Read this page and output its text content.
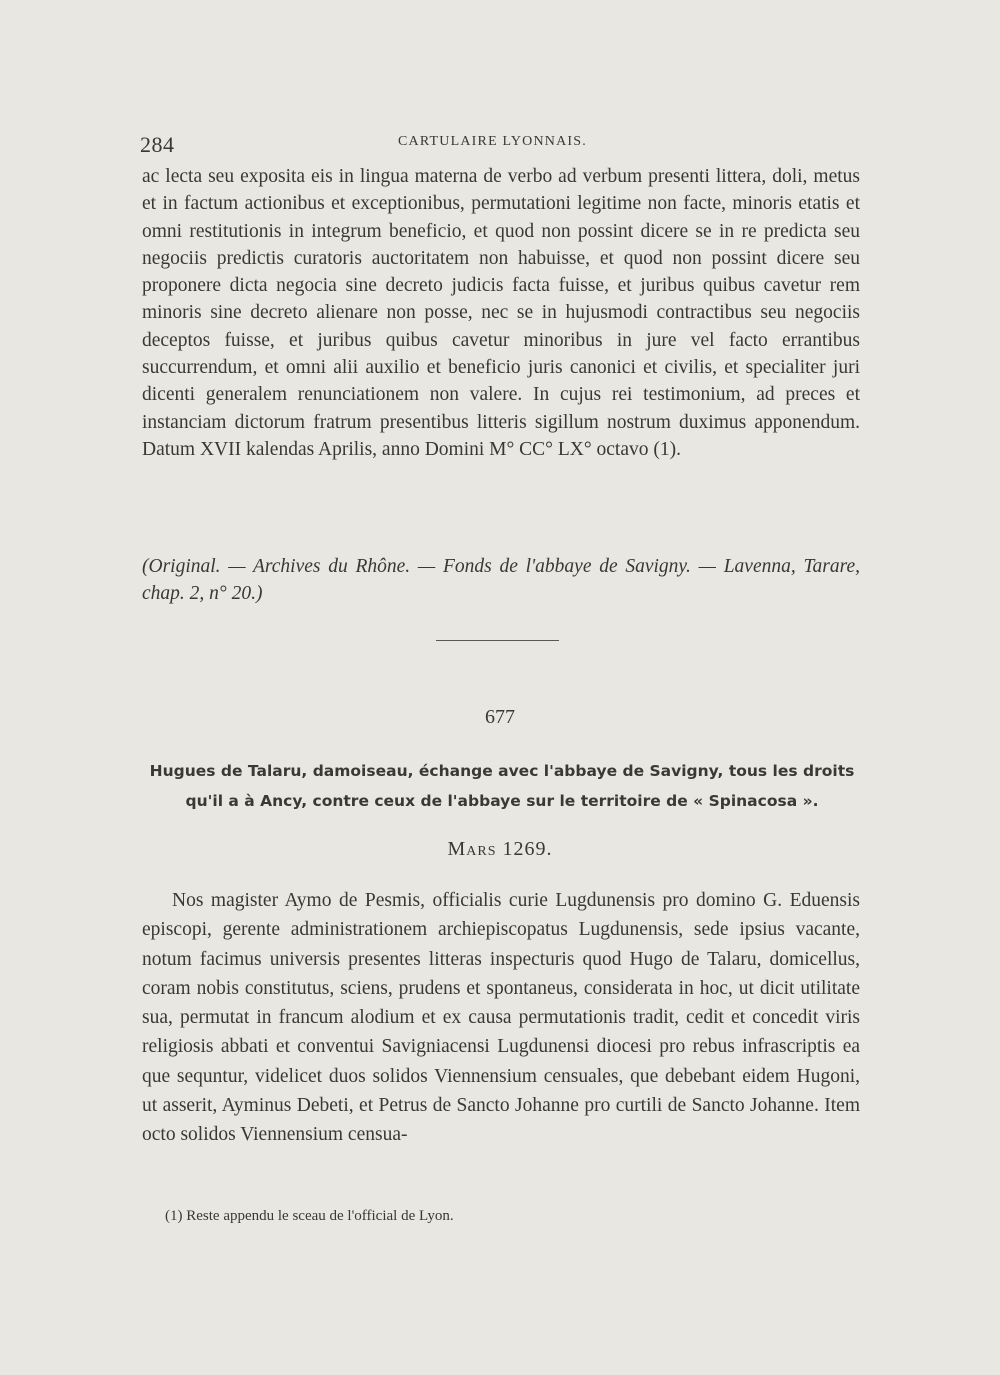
284	CARTULAIRE LYONNAIS.

ac lecta seu exposita eis in lingua materna de verbo ad verbum presenti littera, doli, metus et in factum actionibus et exceptionibus, permutationi legitime non facte, minoris etatis et omni restitutionis in integrum beneficio, et quod non possint dicere se in re predicta seu negociis predictis curatoris auctoritatem non habuisse, et quod non possint dicere seu proponere dicta negocia sine decreto judicis facta fuisse, et juribus quibus cavetur rem minoris sine decreto alienare non posse, nec se in hujusmodi contractibus seu negociis deceptos fuisse, et juribus quibus cavetur minoribus in jure vel facto errantibus succurrendum, et omni alii auxilio et beneficio juris canonici et civilis, et specialiter juri dicenti generalem renunciationem non valere. In cujus rei testimonium, ad preces et instanciam dictorum fratrum presentibus litteris sigillum nostrum duximus apponendum. Datum XVII kalendas Aprilis, anno Domini M° CC° LX° octavo (1).

(Original. — Archives du Rhône. — Fonds de l'abbaye de Savigny. — Lavenna, Tarare, chap. 2, n° 20.)

677

Hugues de Talaru, damoiseau, échange avec l'abbaye de Savigny, tous les droits qu'il a à Ancy, contre ceux de l'abbaye sur le territoire de « Spinacosa ».

Mars 1269.

Nos magister Aymo de Pesmis, officialis curie Lugdunensis pro domino G. Eduensis episcopi, gerente administrationem archiepiscopatus Lugdunensis, sede ipsius vacante, notum facimus universis presentes litteras inspecturis quod Hugo de Talaru, domicellus, coram nobis constitutus, sciens, prudens et spontaneus, considerata in hoc, ut dicit utilitate sua, permutat in francum alodium et ex causa permutationis tradit, cedit et concedit viris religiosis abbati et conventui Savigniacensi Lugdunensi diocesi pro rebus infrascriptis ea que sequntur, videlicet duos solidos Viennensium censuales, que debebant eidem Hugoni, ut asserit, Ayminus Debeti, et Petrus de Sancto Johanne pro curtili de Sancto Johanne. Item octo solidos Viennensium censua-

(1) Reste appendu le sceau de l'official de Lyon.
